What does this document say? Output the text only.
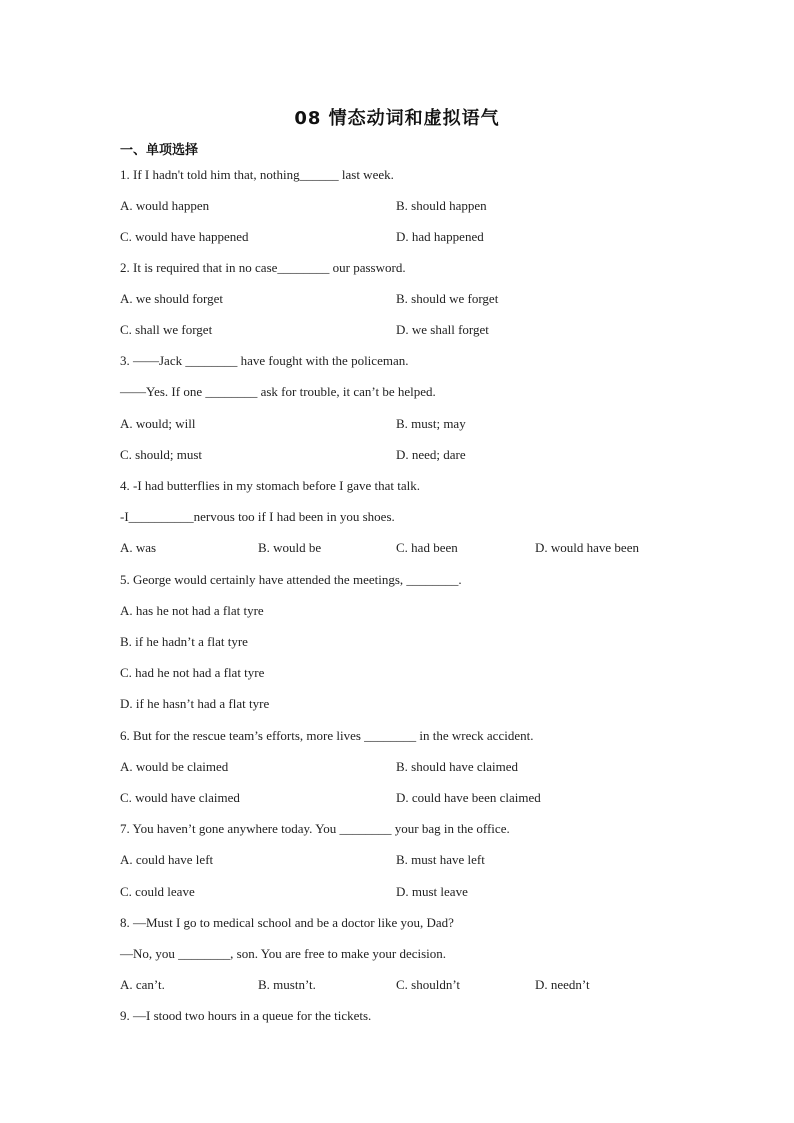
08 情态动词和虚拟语气
一、单项选择
1. If I hadn't told him that, nothing______ last week.
A. would happen	B. should happen
C. would have happened	D. had happened
2. It is required that in no case________ our password.
A. we should forget	B. should we forget
C. shall we forget	D. we shall forget
3. ——Jack ________ have fought with the policeman.
——Yes. If one ________ ask for trouble, it can’t be helped.
A. would; will	B. must; may
C. should; must	D. need; dare
4. -I had butterflies in my stomach before I gave that talk.
-I__________nervous too if I had been in you shoes.
A. was	B. would be	C. had been	D. would have been
5. George would certainly have attended the meetings, ________.
A. has he not had a flat tyre
B. if he hadn’t a flat tyre
C. had he not had a flat tyre
D. if he hasn’t had a flat tyre
6. But for the rescue team’s efforts, more lives ________ in the wreck accident.
A. would be claimed	B. should have claimed
C. would have claimed	D. could have been claimed
7. You haven’t gone anywhere today. You ________ your bag in the office.
A. could have left	B. must have left
C. could leave	D. must leave
8. —Must I go to medical school and be a doctor like you, Dad?
—No, you ________, son. You are free to make your decision.
A. can’t.	B. mustn’t.	C. shouldn’t	D. needn’t
9. —I stood two hours in a queue for the tickets.
